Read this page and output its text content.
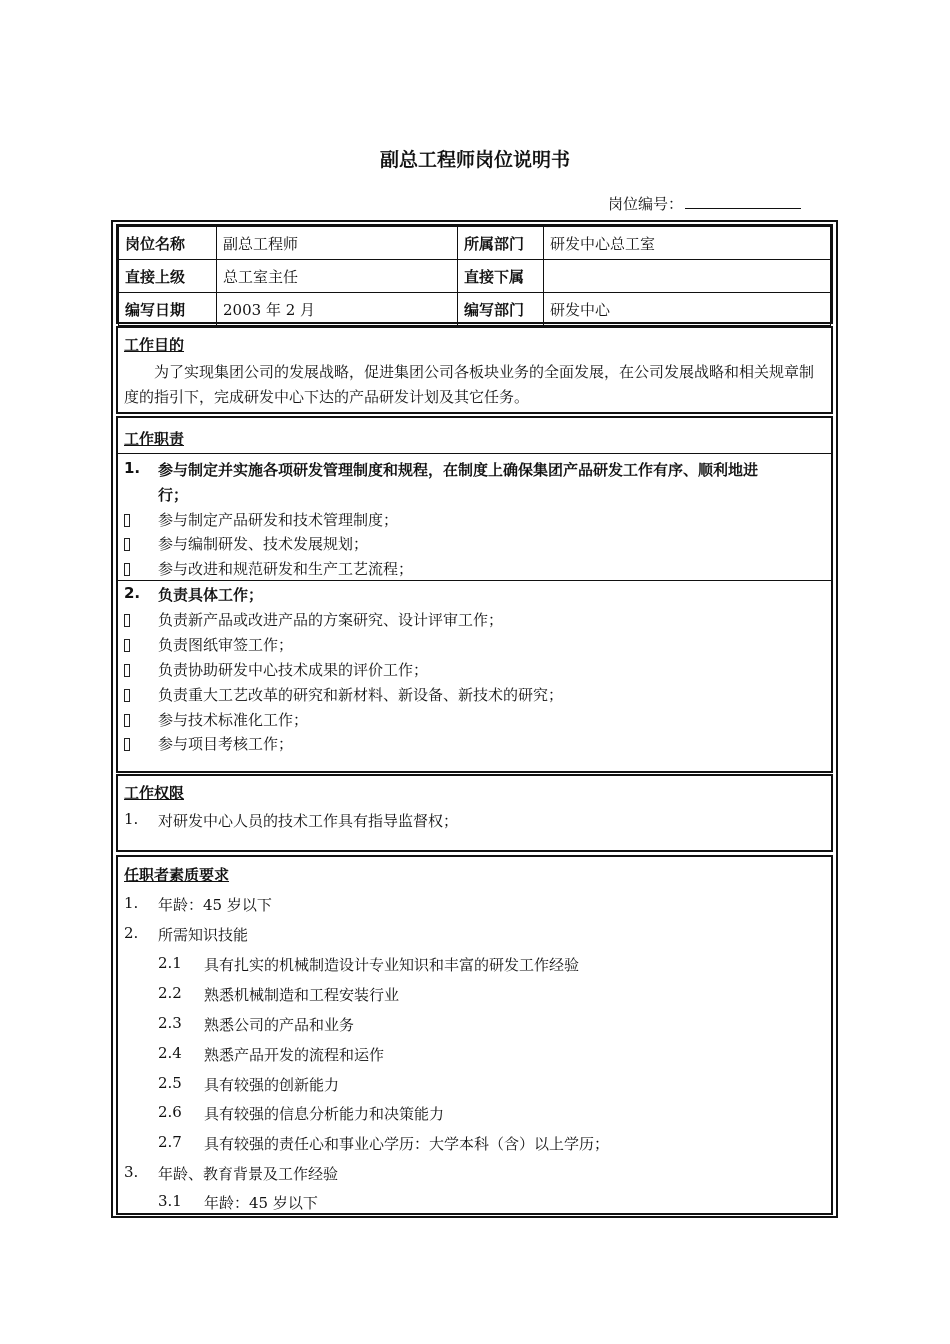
副总工程师岗位说明书
岗位编号：
岗位名称	副总工程师	所属部门	研发中心总工室
直接上级	总工室主任	直接下属	
编写日期	2003 年 2 月	编写部门	研发中心
工作目的
为了实现集团公司的发展战略，促进集团公司各板块业务的全面发展，在公司发展战略和相关规章制度的指引下，完成研发中心下达的产品研发计划及其它任务。
工作职责
1. 参与制定并实施各项研发管理制度和规程，在制度上确保集团产品研发工作有序、顺利地进
行；
参与制定产品研发和技术管理制度；
参与编制研发、技术发展规划；
参与改进和规范研发和生产工艺流程；
2. 负责具体工作；
负责新产品或改进产品的方案研究、设计评审工作；
负责图纸审签工作；
负责协助研发中心技术成果的评价工作；
负责重大工艺改革的研究和新材料、新设备、新技术的研究；
参与技术标准化工作；
参与项目考核工作；
工作权限
1. 对研发中心人员的技术工作具有指导监督权；
任职者素质要求
1. 年龄：45 岁以下
2. 所需知识技能
2.1 具有扎实的机械制造设计专业知识和丰富的研发工作经验
2.2 熟悉机械制造和工程安装行业
2.3 熟悉公司的产品和业务
2.4 熟悉产品开发的流程和运作
2.5 具有较强的创新能力
2.6 具有较强的信息分析能力和决策能力
2.7 具有较强的责任心和事业心学历：大学本科（含）以上学历；
3. 年龄、教育背景及工作经验
3.1 年龄：45 岁以下
